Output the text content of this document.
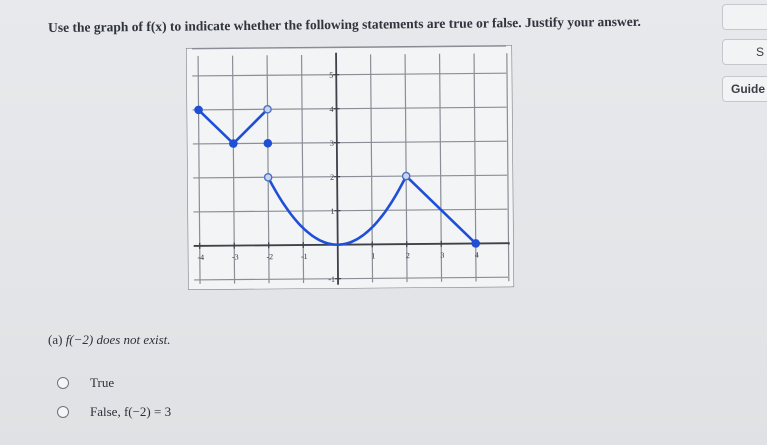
Use the graph of f(x) to indicate whether the following statements are true or false. Justify your answer.
S
Guide
-4	-3	-2	-1	1	2	3	4
-1
1
2
3
4
5
(a) f(−2) does not exist.
True
False, f(−2) = 3
